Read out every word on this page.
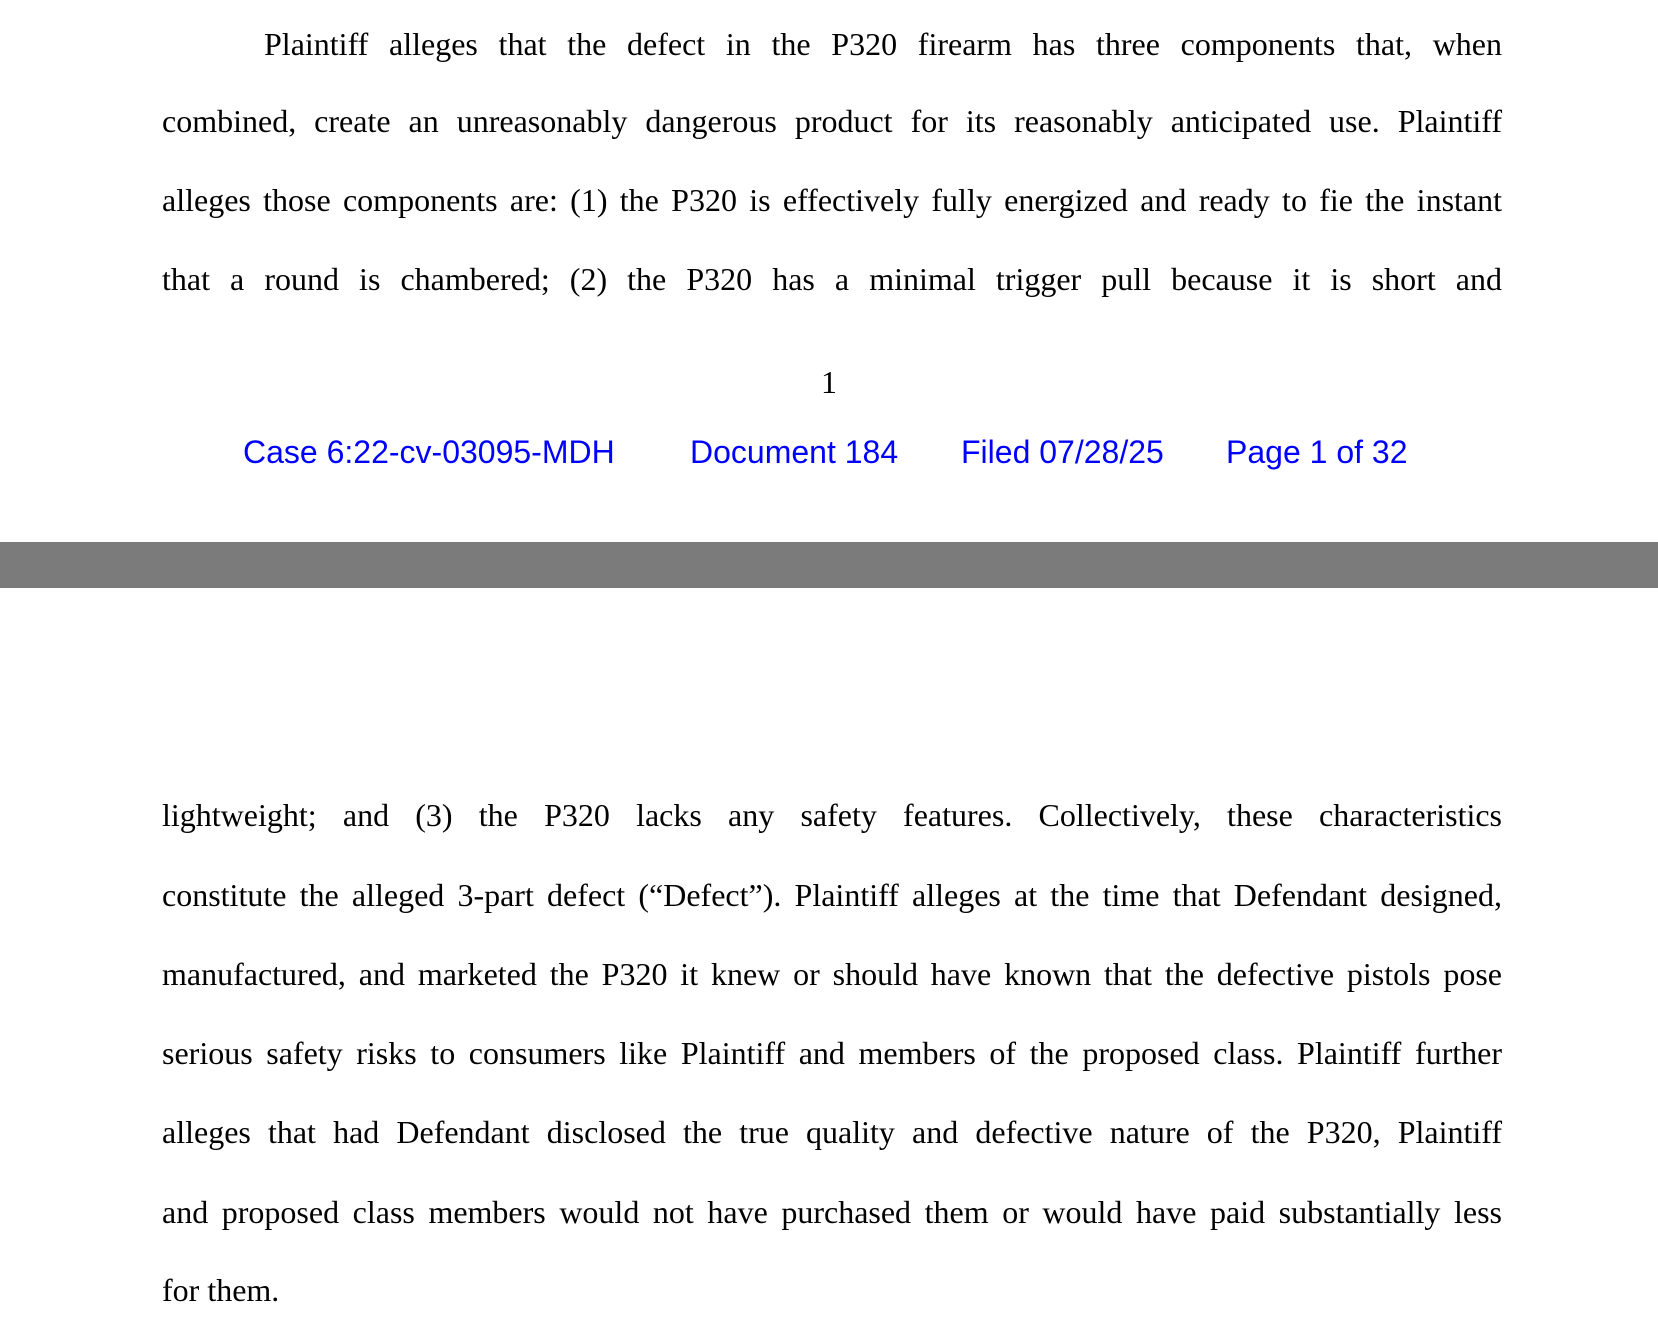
Plaintiff alleges that the defect in the P320 firearm has three components that, when
combined, create an unreasonably dangerous product for its reasonably anticipated use. Plaintiff
alleges those components are: (1) the P320 is effectively fully energized and ready to fie the instant
that a round is chambered; (2) the P320 has a minimal trigger pull because it is short and
1
Case 6:22-cv-03095-MDH Document 184 Filed 07/28/25 Page 1 of 32
lightweight; and (3) the P320 lacks any safety features. Collectively, these characteristics
constitute the alleged 3-part defect (“Defect”). Plaintiff alleges at the time that Defendant designed,
manufactured, and marketed the P320 it knew or should have known that the defective pistols pose
serious safety risks to consumers like Plaintiff and members of the proposed class. Plaintiff further
alleges that had Defendant disclosed the true quality and defective nature of the P320, Plaintiff
and proposed class members would not have purchased them or would have paid substantially less
for them.
